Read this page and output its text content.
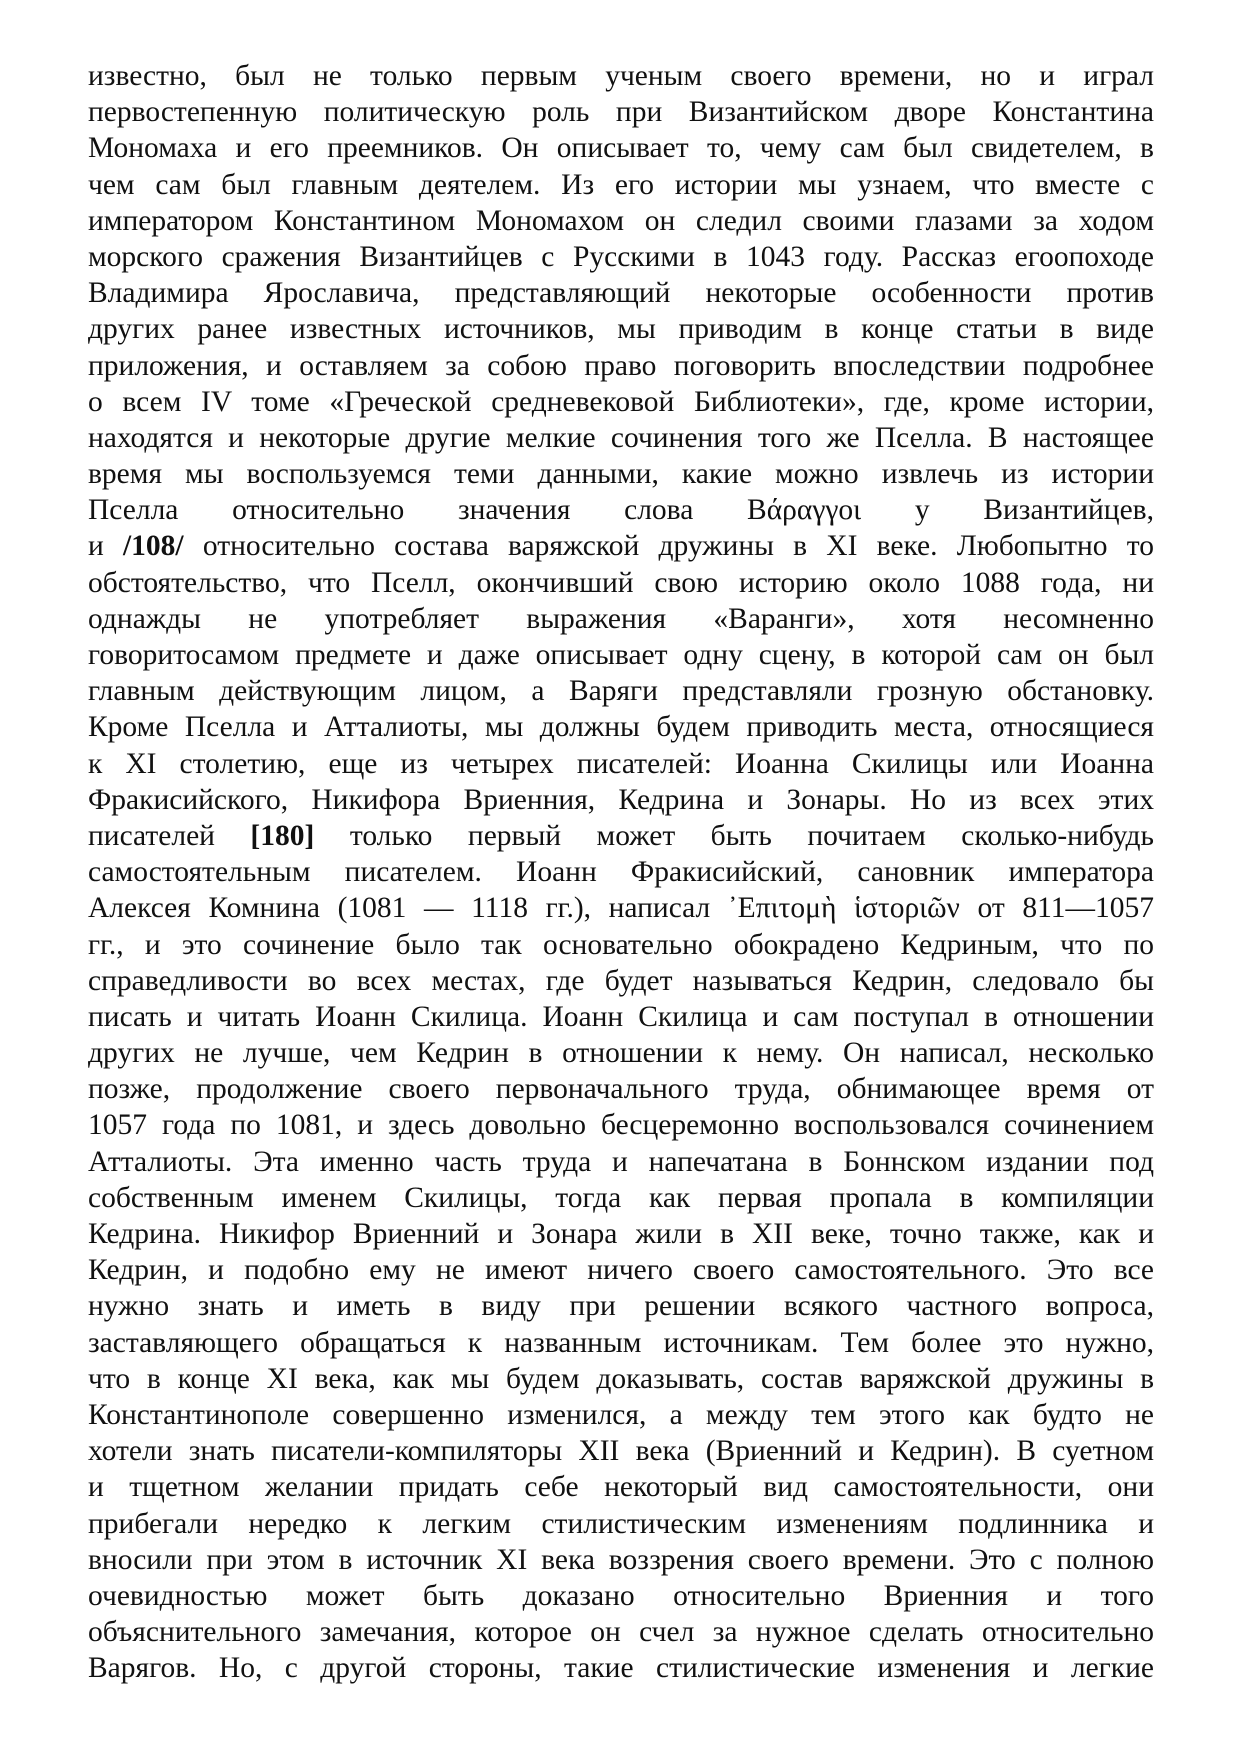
известно, был не только первым ученым своего времени, но и играл
первостепенную политическую роль при Византийском дворе Константина
Мономаха и его преемников. Он описывает то, чему сам был свидетелем, в
чем сам был главным деятелем. Из его истории мы узнаем, что вместе с
императором Константином Мономахом он следил своими глазами за ходом
морского сражения Византийцев с Русскими в 1043 году. Рассказ егоопоходе
Владимира Ярославича, представляющий некоторые особенности против
других ранее известных источников, мы приводим в конце статьи в виде
приложения, и оставляем за собою право поговорить впоследствии подробнее
о всем IV томе «Греческой средневековой Библиотеки», где, кроме истории,
находятся и некоторые другие мелкие сочинения того же Пселла. В настоящее
время мы воспользуемся теми данными, какие можно извлечь из истории
Пселла относительно значения слова Βάραγγοι у Византийцев,
и /108/ относительно состава варяжской дружины в XI веке. Любопытно то
обстоятельство, что Пселл, окончивший свою историю около 1088 года, ни
однажды не употребляет выражения «Варанги», хотя несомненно
говоритосамом предмете и даже описывает одну сцену, в которой сам он был
главным действующим лицом, а Варяги представляли грозную обстановку.
Кроме Пселла и Атталиоты, мы должны будем приводить места, относящиеся
к XI столетию, еще из четырех писателей: Иоанна Скилицы или Иоанна
Фракисийского, Никифора Вриенния, Кедрина и Зонары. Но из всех этих
писателей [180] только первый может быть почитаем сколько-нибудь
самостоятельным писателем. Иоанн Фракисийский, сановник императора
Алексея Комнина (1081 — 1118 гг.), написал ᾽Επιτομὴ ἱστοριῶν от 811—1057
гг., и это сочинение было так основательно обокрадено Кедриным, что по
справедливости во всех местах, где будет называться Кедрин, следовало бы
писать и читать Иоанн Скилица. Иоанн Скилица и сам поступал в отношении
других не лучше, чем Кедрин в отношении к нему. Он написал, несколько
позже, продолжение своего первоначального труда, обнимающее время от
1057 года по 1081, и здесь довольно бесцеремонно воспользовался сочинением
Атталиоты. Эта именно часть труда и напечатана в Боннском издании под
собственным именем Скилицы, тогда как первая пропала в компиляции
Кедрина. Никифор Вриенний и Зонара жили в XII веке, точно также, как и
Кедрин, и подобно ему не имеют ничего своего самостоятельного. Это все
нужно знать и иметь в виду при решении всякого частного вопроса,
заставляющего обращаться к названным источникам. Тем более это нужно,
что в конце XI века, как мы будем доказывать, состав варяжской дружины в
Константинополе совершенно изменился, а между тем этого как будто не
хотели знать писатели-компиляторы XII века (Вриенний и Кедрин). В суетном
и тщетном желании придать себе некоторый вид самостоятельности, они
прибегали нередко к легким стилистическим изменениям подлинника и
вносили при этом в источник XI века воззрения своего времени. Это с полною
очевидностью может быть доказано относительно Вриенния и того
объяснительного замечания, которое он счел за нужное сделать относительно
Варягов. Но, с другой стороны, такие стилистические изменения и легкие
